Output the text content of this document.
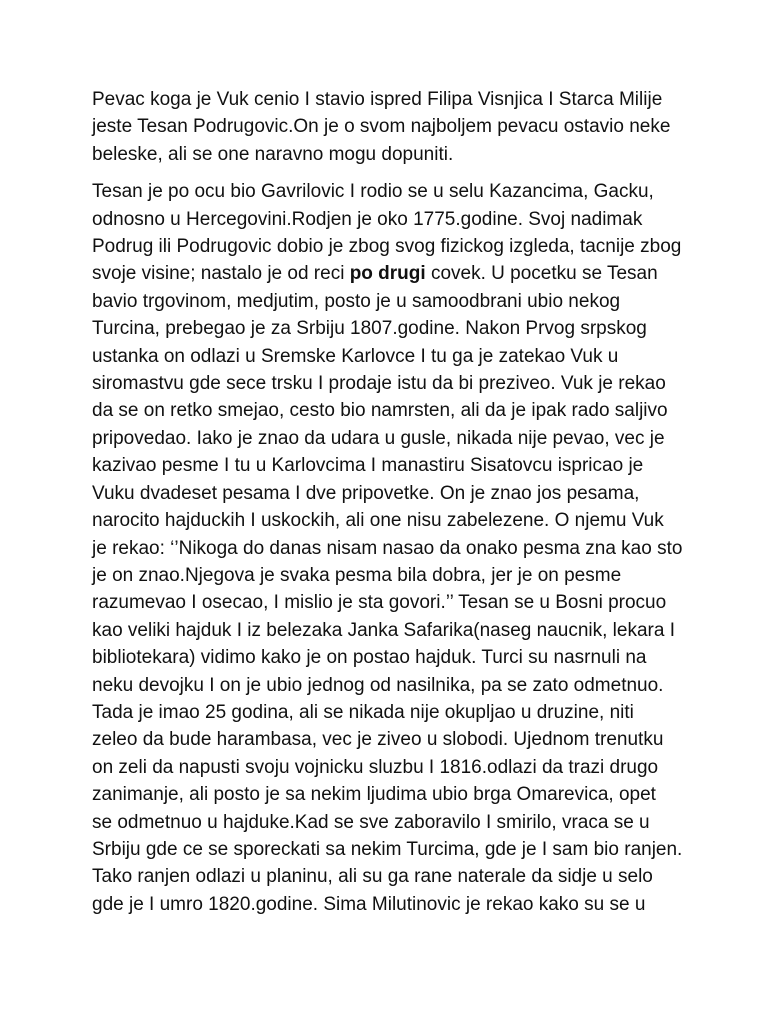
Pevac koga je Vuk cenio I stavio ispred Filipa Visnjica I Starca Milije
jeste Tesan Podrugovic.On je o svom najboljem pevacu ostavio neke
beleske, ali se one naravno mogu dopuniti.

Tesan je po ocu bio Gavrilovic I rodio se u selu Kazancima, Gacku,
odnosno u Hercegovini.Rodjen je oko 1775.godine. Svoj nadimak
Podrug ili Podrugovic dobio je zbog svog fizickog izgleda, tacnije zbog
svoje visine; nastalo je od reci po drugi covek. U pocetku se Tesan
bavio trgovinom, medjutim, posto je u samoodbrani ubio nekog
Turcina, prebegao je za Srbiju 1807.godine. Nakon Prvog srpskog
ustanka on odlazi u Sremske Karlovce I tu ga je zatekao Vuk u
siromastvu gde sece trsku I prodaje istu da bi preziveo. Vuk je rekao
da se on retko smejao, cesto bio namrsten, ali da je ipak rado saljivo
pripovedao. Iako je znao da udara u gusle, nikada nije pevao, vec je
kazivao pesme I tu u Karlovcima I manastiru Sisatovcu ispricao je
Vuku dvadeset pesama I dve pripovetke. On je znao jos pesama,
narocito hajduckih I uskockih, ali one nisu zabelezene. O njemu Vuk
je rekao: ‘’Nikoga do danas nisam nasao da onako pesma zna kao sto
je on znao.Njegova je svaka pesma bila dobra, jer je on pesme
razumevao I osecao, I mislio je sta govori.’’ Tesan se u Bosni procuo
kao veliki hajduk I iz belezaka Janka Safarika(naseg naucnik, lekara I
bibliotekara) vidimo kako je on postao hajduk. Turci su nasrnuli na
neku devojku I on je ubio jednog od nasilnika, pa se zato odmetnuo.
Tada je imao 25 godina, ali se nikada nije okupljao u druzine, niti
zeleo da bude harambasa, vec je ziveo u slobodi. Ujednom trenutku
on zeli da napusti svoju vojnicku sluzbu I 1816.odlazi da trazi drugo
zanimanje, ali posto je sa nekim ljudima ubio brga Omarevica, opet
se odmetnuo u hajduke.Kad se sve zaboravilo I smirilo, vraca se u
Srbiju gde ce se sporeckati sa nekim Turcima, gde je I sam bio ranjen.
Tako ranjen odlazi u planinu, ali su ga rane naterale da sidje u selo
gde je I umro 1820.godine. Sima Milutinovic je rekao kako su se u
